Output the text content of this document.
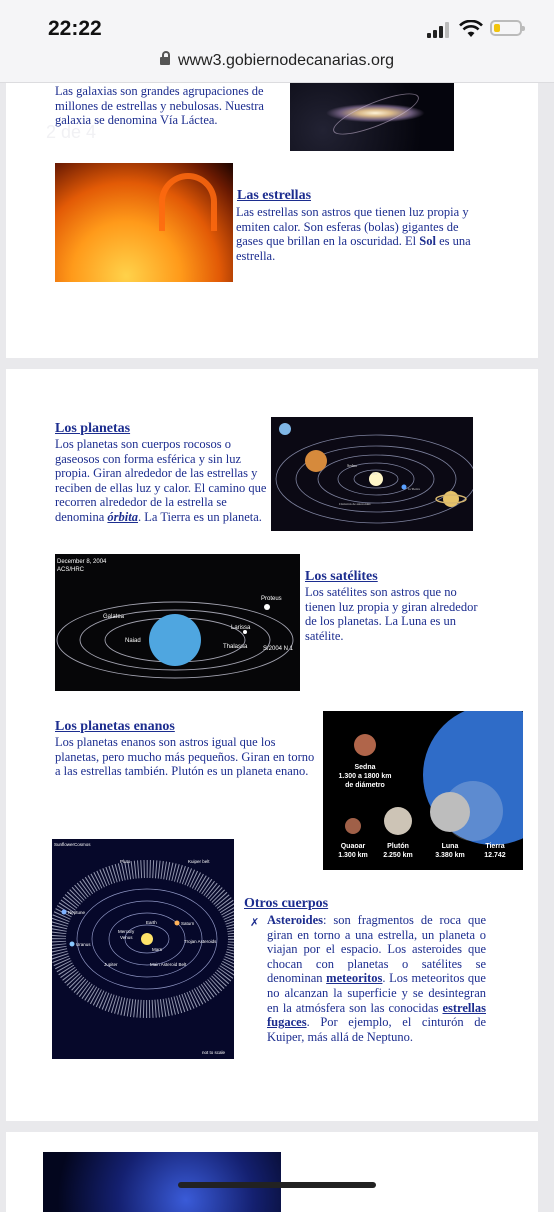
22:22
www3.gobiernodecanarias.org
2 de 4

Las galaxias son grandes agrupaciones de millones de estrellas y nebulosas. Nuestra galaxia se denomina Vía Láctea.

Las estrellas

Las estrellas son astros que tienen luz propia y emiten calor. Son esferas (bolas) gigantes de gases que brillan en la oscuridad. El Sol es una estrella.

Los planetas

Los planetas son cuerpos rocosos o gaseosos con forma esférica y sin luz propia. Giran alrededor de las estrellas y reciben de ellas luz y calor. El camino que recorren alrededor de la estrella se denomina órbita. La Tierra es un planeta.

Sedna
Sol
la Tierra
Cinturón de asteroides
December 8, 2004
ACS/HRC
Proteus
Galatea
Larissa
Naiad
Thalassa	S/2004 N 1
Los satélites

Los satélites son astros que no tienen luz propia y giran alrededor de los planetas. La Luna es un satélite.

Los planetas enanos

Los planetas enanos son astros igual que los planetas, pero mucho más pequeños. Giran en torno a las estrellas también. Plutón es un planeta enano.	Sedna
1.300 a 1800 km
de diámetro
Quaoar
1.300 km
Plutón
2.250 km
Luna
3.380 km
Tierra
12.742
SunflowerCosmos
Pluto	Kuiper belt
Neptune
Saturn
Uranus
Earth
Venus
Mercury
Mars
Trojan Asteroids
Jupiter	Main Asteroid Belt
not to scale
Otros cuerpos
✗ Asteroides: son fragmentos de roca que giran en torno a una estrella, un planeta o viajan por el espacio. Los asteroides que chocan con planetas o satélites se denominan meteoritos. Los meteoritos que no alcanzan la superficie y se desintegran en la atmósfera son las conocidas estrellas fugaces. Por ejemplo, el cinturón de Kuiper, más allá de Neptuno.
